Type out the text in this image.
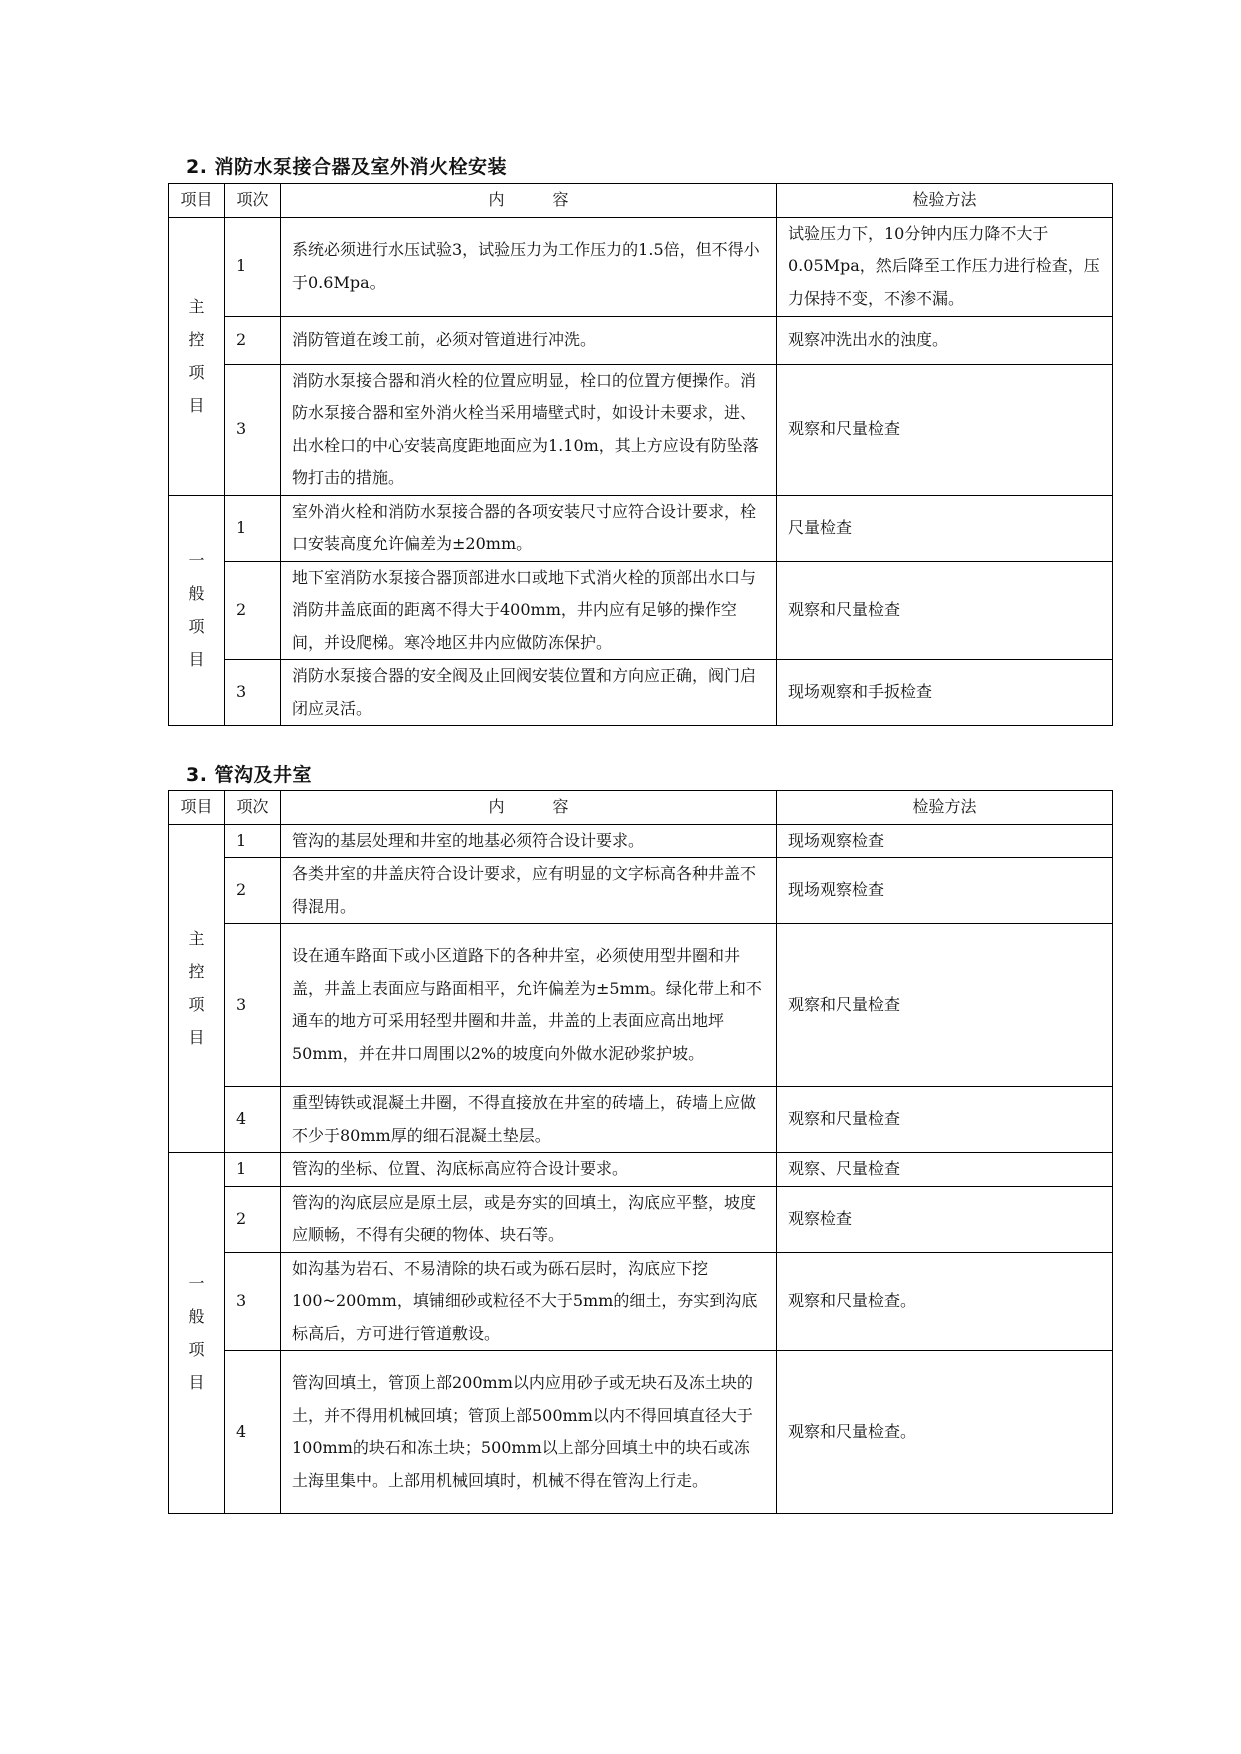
2. 消防水泵接合器及室外消火栓安装
项目	项次	内　　　容	检验方法

主控项目	1	系统必须进行水压试验3，试验压力为工作压力的1.5倍，但不得小于0.6Mpa。	试验压力下，10分钟内压力降不大于0.05Mpa，然后降至工作压力进行检查，压力保持不变，不渗不漏。
	2	消防管道在竣工前，必须对管道进行冲洗。	观察冲洗出水的浊度。
	3	消防水泵接合器和消火栓的位置应明显，栓口的位置方便操作。消防水泵接合器和室外消火栓当采用墙壁式时，如设计未要求，进、出水栓口的中心安装高度距地面应为1.10m，其上方应设有防坠落物打击的措施。	观察和尺量检查

一般项目	1	室外消火栓和消防水泵接合器的各项安装尺寸应符合设计要求，栓口安装高度允许偏差为±20mm。	尺量检查
	2	地下室消防水泵接合器顶部进水口或地下式消火栓的顶部出水口与消防井盖底面的距离不得大于400mm，井内应有足够的操作空间，并设爬梯。寒冷地区井内应做防冻保护。	观察和尺量检查
	3	消防水泵接合器的安全阀及止回阀安装位置和方向应正确，阀门启闭应灵活。	现场观察和手扳检查
3. 管沟及井室
项目	项次	内　　　容	检验方法

主控项目	1	管沟的基层处理和井室的地基必须符合设计要求。	现场观察检查
	2	各类井室的井盖庆符合设计要求，应有明显的文字标高各种井盖不得混用。	现场观察检查
	3	设在通车路面下或小区道路下的各种井室，必须使用型井圈和井盖，井盖上表面应与路面相平，允许偏差为±5mm。绿化带上和不通车的地方可采用轻型井圈和井盖，井盖的上表面应高出地坪50mm，并在井口周围以2%的坡度向外做水泥砂浆护坡。	观察和尺量检查
	4	重型铸铁或混凝土井圈，不得直接放在井室的砖墙上，砖墙上应做不少于80mm厚的细石混凝土垫层。	观察和尺量检查

一般项目	1	管沟的坐标、位置、沟底标高应符合设计要求。	观察、尺量检查
	2	管沟的沟底层应是原土层，或是夯实的回填土，沟底应平整，坡度应顺畅，不得有尖硬的物体、块石等。	观察检查
	3	如沟基为岩石、不易清除的块石或为砾石层时，沟底应下挖100~200mm，填铺细砂或粒径不大于5mm的细土，夯实到沟底标高后，方可进行管道敷设。	观察和尺量检查。
	4	管沟回填土，管顶上部200mm以内应用砂子或无块石及冻土块的土，并不得用机械回填；管顶上部500mm以内不得回填直径大于100mm的块石和冻土块；500mm以上部分回填土中的块石或冻土海里集中。上部用机械回填时，机械不得在管沟上行走。	观察和尺量检查。
